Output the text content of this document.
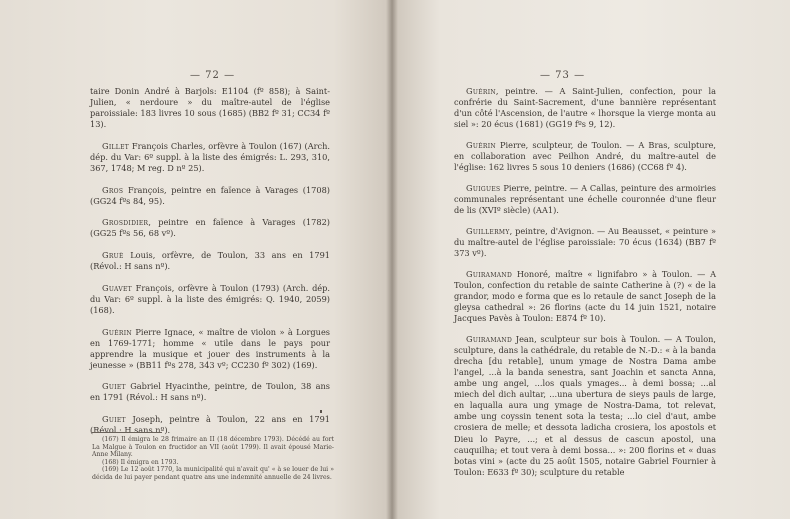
— 72 —

taire Donin André à Barjols: E1104 (fº 858); à Saint-Julien, « nerdoure » du maître-autel de l'église paroissiale: 183 livres 10 sous (1685) (BB2 fº 31; CC34 fº 13).

Gillet François Charles, orfèvre à Toulon (167) (Arch. dép. du Var: 6º suppl. à la liste des émigrés: L. 293, 310, 367, 1748; M reg. D nº 25).

Gros François, peintre en faïence à Varages (1708) (GG24 fºs 84, 95).

Grosdidier, peintre en faïence à Varages (1782) (GG25 fºs 56, 68 vº).

Gruè Louis, orfèvre, de Toulon, 33 ans en 1791 (Révol.: H sans nº).

Guavet François, orfèvre à Toulon (1793) (Arch. dép. du Var: 6º suppl. à la liste des émigrés: Q. 1940, 2059) (168).

Guérin Pierre Ignace, « maître de violon » à Lorgues en 1769-1771; homme « utile dans le pays pour apprendre la musique et jouer des instruments à la jeunesse » (BB11 fºs 278, 343 vº; CC230 fº 302) (169).

Guiet Gabriel Hyacinthe, peintre, de Toulon, 38 ans en 1791 (Révol.: H sans nº).

Guiet Joseph, peintre à Toulon, 22 ans en 1791 (Révol.: H sans nº).

(167) Il émigra le 28 frimaire an II (18 décembre 1793). Décédé au fort La Malgue à Toulon en fructidor an VII (août 1799). Il avait épousé Marie-Anne Milany.

(168) Il émigra en 1793.

(169) Le 12 août 1770, la municipalité qui n'avait qu' « à se louer de lui » décida de lui payer pendant quatre ans une indemnité annuelle de 24 livres.

— 73 —

Guérin, peintre. — A Saint-Julien, confection, pour la confrérie du Saint-Sacrement, d'une bannière représentant d'un côté l'Ascension, de l'autre « lhorsque la vierge monta au siel »: 20 écus (1681) (GG19 fºs 9, 12).

Guérin Pierre, sculpteur, de Toulon. — A Bras, sculpture, en collaboration avec Peilhon André, du maître-autel de l'église: 162 livres 5 sous 10 deniers (1686) (CC68 fº 4).

Guigues Pierre, peintre. — A Callas, peinture des armoiries communales représentant une échelle couronnée d'une fleur de lis (XVIº siècle) (AA1).

Guillermy, peintre, d'Avignon. — Au Beausset, « peinture » du maître-autel de l'église paroissiale: 70 écus (1634) (BB7 fº 373 vº).

Guiramand Honoré, maître « lignifabro » à Toulon. — A Toulon, confection du retable de sainte Catherine à (?) « de la grandor, modo e forma que es lo retaule de sanct Joseph de la gleysa cathedral »: 26 florins (acte du 14 juin 1521, notaire Jacques Pavès à Toulon: E874 fº 10).

Guiramand Jean, sculpteur sur bois à Toulon. — A Toulon, sculpture, dans la cathédrale, du retable de N.-D.: « à la banda drecha [du retable], unum ymage de Nostra Dama ambe l'angel, ...à la banda senestra, sant Joachin et sancta Anna, ambe ung angel, ...los quals ymages... à demi bossa; ...al miech del dich aultar, ...una ubertura de sieys pauls de large, en laqualla aura ung ymage de Nostra-Dama, tot relevat, ambe ung coyssin tenent sota la testa; ...lo ciel d'aut, ambe crosiera de melle; et dessota ladicha crosiera, los apostols et Dieu lo Payre, ...; et al dessus de cascun apostol, una cauquilha; et tout vera à demi bossa... »: 200 florins et « duas botas vini » (acte du 25 août 1505, notaire Gabriel Fournier à Toulon: E633 fº 30); sculpture du retable
